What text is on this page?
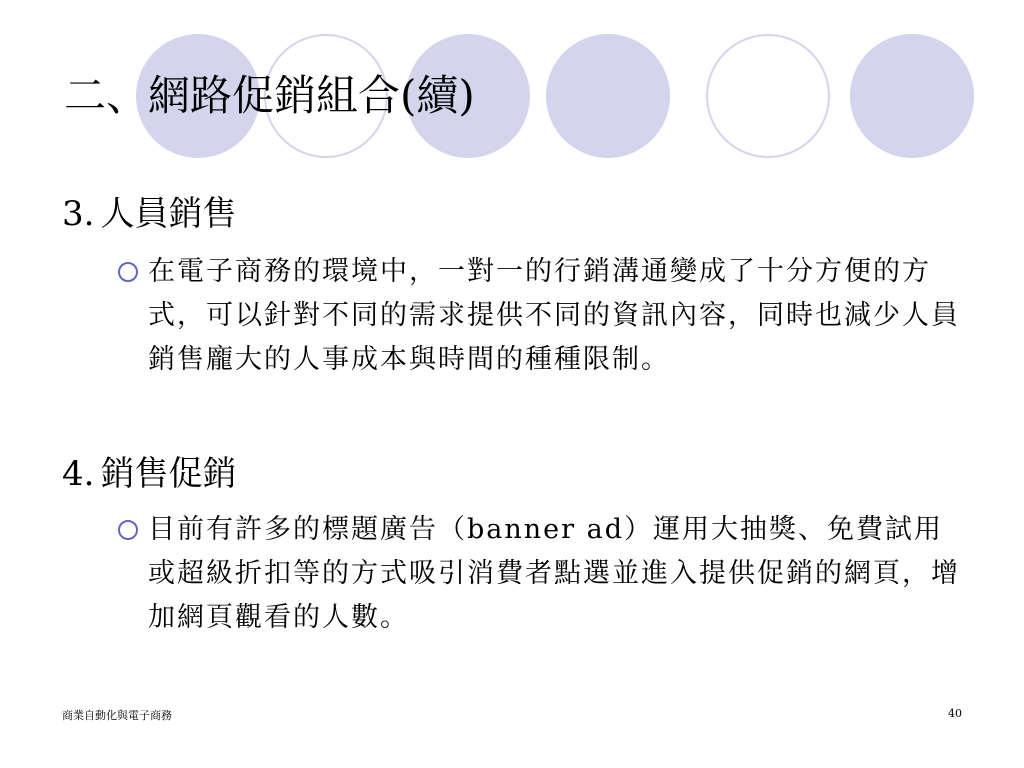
二、網路促銷組合(續)
3. 人員銷售
在電子商務的環境中，一對一的行銷溝通變成了十分方便的方式，可以針對不同的需求提供不同的資訊內容，同時也減少人員銷售龐大的人事成本與時間的種種限制。
4. 銷售促銷
目前有許多的標題廣告（banner ad）運用大抽獎、免費試用或超級折扣等的方式吸引消費者點選並進入提供促銷的網頁，增加網頁觀看的人數。
商業自動化與電子商務	40
